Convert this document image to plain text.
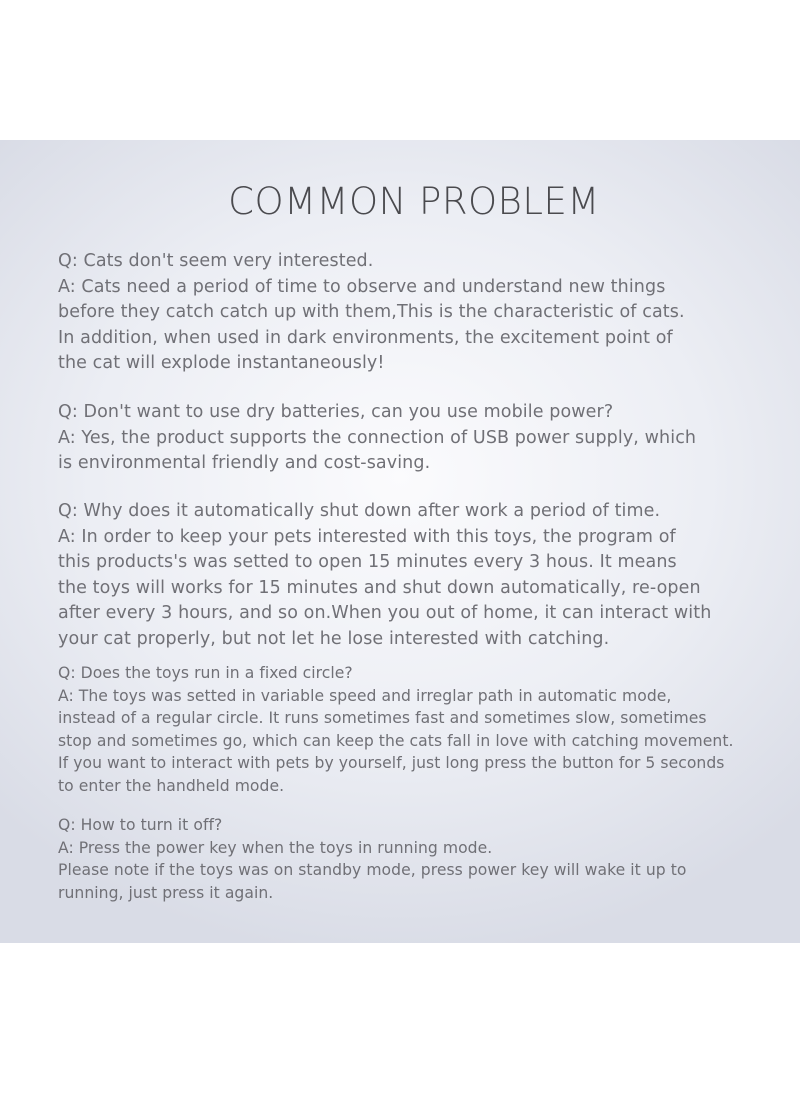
COMMON PROBLEM
Q: Cats don't seem very interested.
A: Cats need a period of time to observe and understand new things
before they catch catch up with them,This is the characteristic of cats.
In addition, when used in dark environments, the excitement point of
the cat will explode instantaneously!
Q: Don't want to use dry batteries, can you use mobile power?
A: Yes, the product supports the connection of USB power supply, which
is environmental friendly and cost-saving.
Q: Why does it automatically shut down after work a period of time.
A: In order to keep your pets interested with this toys, the program of
this products's was setted to open 15 minutes every 3 hous. It means
the toys will works for 15 minutes and shut down automatically, re-open
after every 3 hours, and so on.When you out of home, it can interact with
your cat properly, but not let he lose interested with catching.
Q: Does the toys run in a fixed circle?
A: The toys was setted in variable speed and irreglar path in automatic mode,
instead of a regular circle. It runs sometimes fast and sometimes slow, sometimes
stop and sometimes go, which can keep the cats fall in love with catching movement.
If you want to interact with pets by yourself, just long press the button for 5 seconds
to enter the handheld mode.
Q: How to turn it off?
A: Press the power key when the toys in running mode.
Please note if the toys was on standby mode, press power key will wake it up to
running, just press it again.
